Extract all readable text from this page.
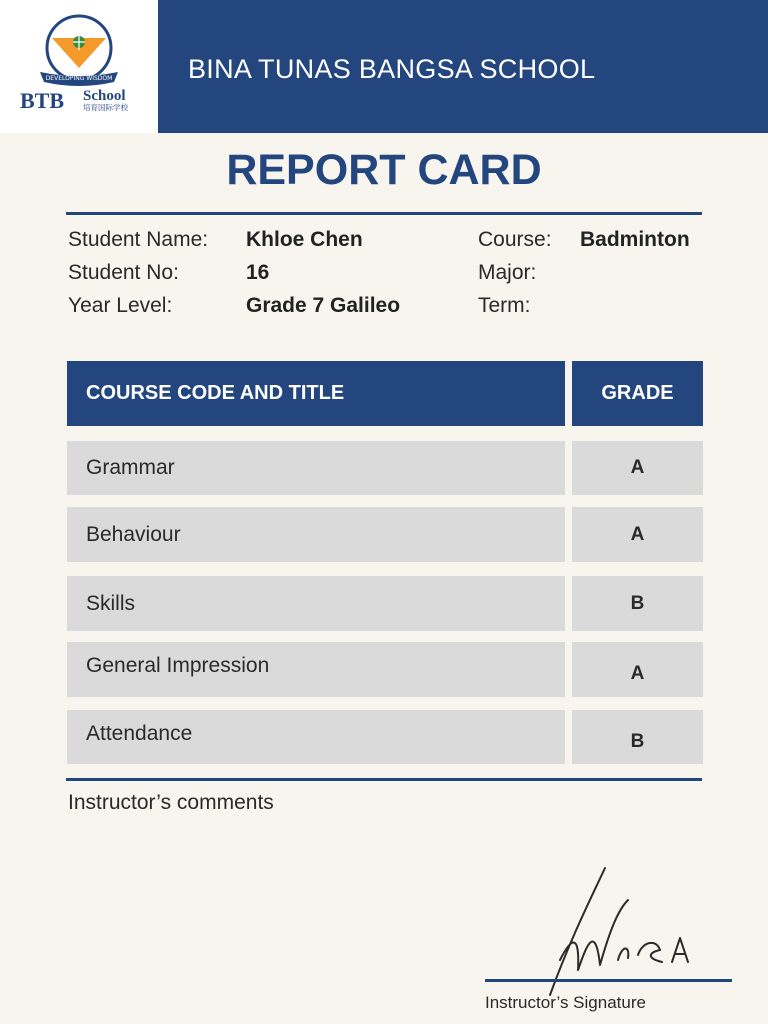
DEVELOPING WISDOM
BTB School
培育国际学校
BINA TUNAS BANGSA SCHOOL
REPORT CARD
Student Name: Khloe Chen
Student No:	16
Year Level:	Grade 7 Galileo
Course: Badminton
Major:
Term:
COURSE CODE AND TITLE	GRADE
Grammar	A
Behaviour	A
Skills	B
General Impression	A
Attendance	B
Instructor’s comments
Instructor’s Signature
